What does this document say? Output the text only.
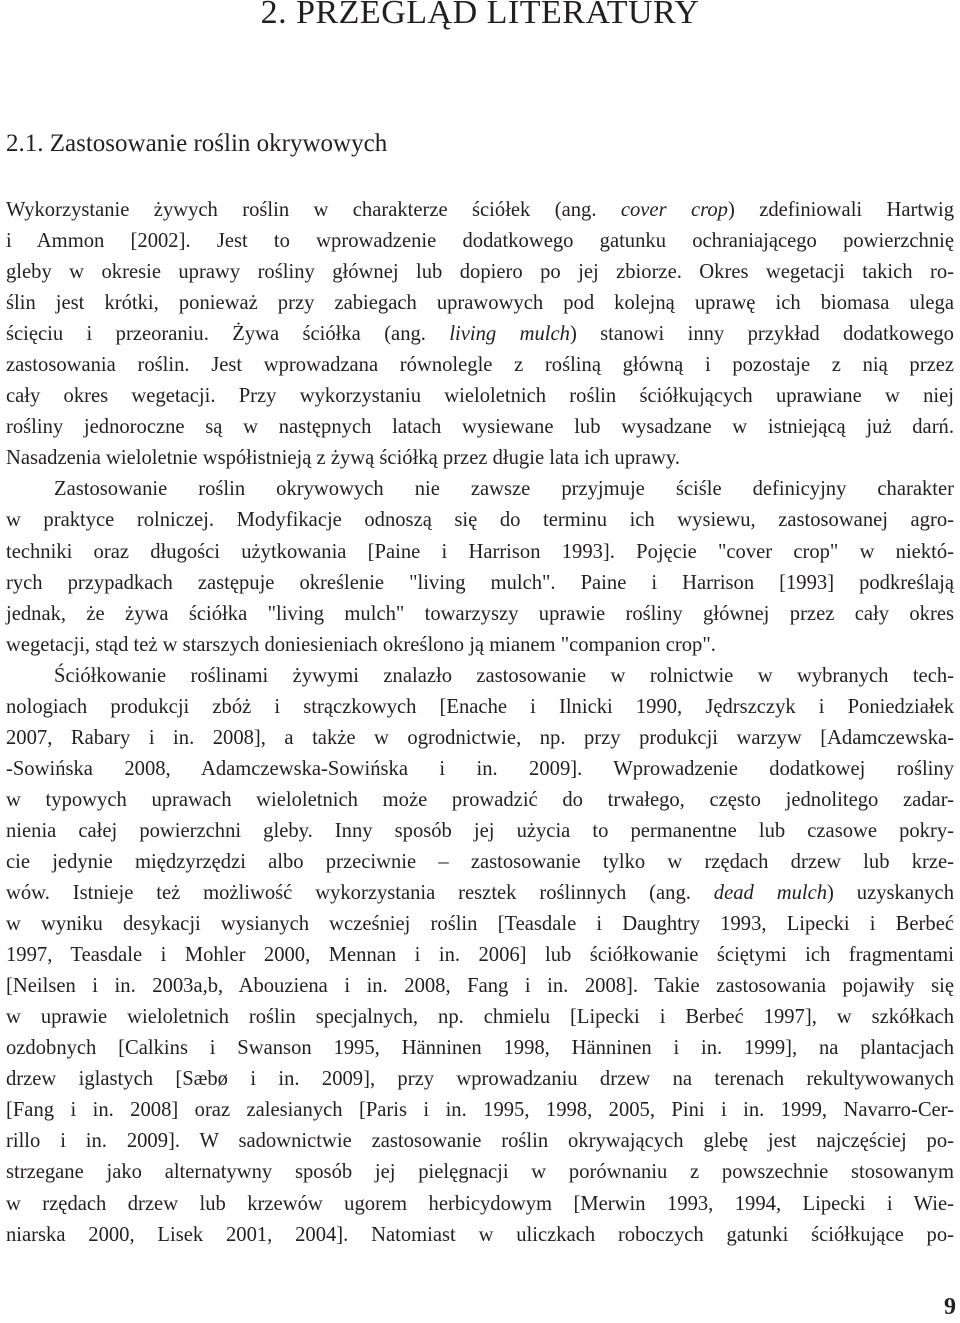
2. PRZEGLĄD LITERATURY
2.1. Zastosowanie roślin okrywowych
Wykorzystanie żywych roślin w charakterze ściółek (ang. cover crop) zdefiniowali Hartwig
i Ammon [2002]. Jest to wprowadzenie dodatkowego gatunku ochraniającego powierzchnię
gleby w okresie uprawy rośliny głównej lub dopiero po jej zbiorze. Okres wegetacji takich ro-
ślin jest krótki, ponieważ przy zabiegach uprawowych pod kolejną uprawę ich biomasa ulega
ścięciu i przeoraniu. Żywa ściółka (ang. living mulch) stanowi inny przykład dodatkowego
zastosowania roślin. Jest wprowadzana równolegle z rośliną główną i pozostaje z nią przez
cały okres wegetacji. Przy wykorzystaniu wieloletnich roślin ściółkujących uprawiane w niej
rośliny jednoroczne są w następnych latach wysiewane lub wysadzane w istniejącą już darń.
Nasadzenia wieloletnie współistnieją z żywą ściółką przez długie lata ich uprawy.
Zastosowanie roślin okrywowych nie zawsze przyjmuje ściśle definicyjny charakter
w praktyce rolniczej. Modyfikacje odnoszą się do terminu ich wysiewu, zastosowanej agro-
techniki oraz długości użytkowania [Paine i Harrison 1993]. Pojęcie "cover crop" w niektó-
rych przypadkach zastępuje określenie "living mulch". Paine i Harrison [1993] podkreślają
jednak, że żywa ściółka "living mulch" towarzyszy uprawie rośliny głównej przez cały okres
wegetacji, stąd też w starszych doniesieniach określono ją mianem "companion crop".
Ściółkowanie roślinami żywymi znalazło zastosowanie w rolnictwie w wybranych tech-
nologiach produkcji zbóż i strączkowych [Enache i Ilnicki 1990, Jędrszczyk i Poniedziałek
2007, Rabary i in. 2008], a także w ogrodnictwie, np. przy produkcji warzyw [Adamczewska-
-Sowińska 2008, Adamczewska-Sowińska i in. 2009]. Wprowadzenie dodatkowej rośliny
w typowych uprawach wieloletnich może prowadzić do trwałego, często jednolitego zadar-
nienia całej powierzchni gleby. Inny sposób jej użycia to permanentne lub czasowe pokry-
cie jedynie międzyrzędzi albo przeciwnie – zastosowanie tylko w rzędach drzew lub krze-
wów. Istnieje też możliwość wykorzystania resztek roślinnych (ang. dead mulch) uzyskanych
w wyniku desykacji wysianych wcześniej roślin [Teasdale i Daughtry 1993, Lipecki i Berbeć
1997, Teasdale i Mohler 2000, Mennan i in. 2006] lub ściółkowanie ściętymi ich fragmentami
[Neilsen i in. 2003a,b, Abouziena i in. 2008, Fang i in. 2008]. Takie zastosowania pojawiły się
w uprawie wieloletnich roślin specjalnych, np. chmielu [Lipecki i Berbeć 1997], w szkółkach
ozdobnych [Calkins i Swanson 1995, Hänninen 1998, Hänninen i in. 1999], na plantacjach
drzew iglastych [Sæbø i in. 2009], przy wprowadzaniu drzew na terenach rekultywowanych
[Fang i in. 2008] oraz zalesianych [Paris i in. 1995, 1998, 2005, Pini i in. 1999, Navarro-Cer-
rillo i in. 2009]. W sadownictwie zastosowanie roślin okrywających glebę jest najczęściej po-
strzegane jako alternatywny sposób jej pielęgnacji w porównaniu z powszechnie stosowanym
w rzędach drzew lub krzewów ugorem herbicydowym [Merwin 1993, 1994, Lipecki i Wie-
niarska 2000, Lisek 2001, 2004]. Natomiast w uliczkach roboczych gatunki ściółkujące po-
9
